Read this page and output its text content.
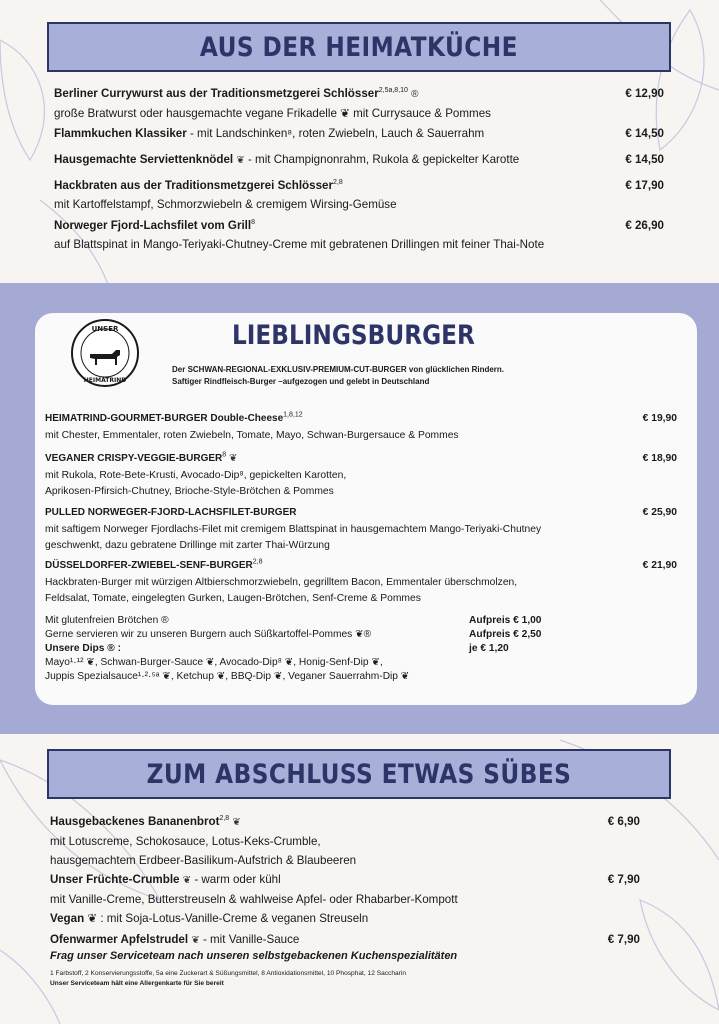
AUS DER HEIMATKÜCHE
Berliner Currywurst aus der Traditionsmetzgerei Schlösser$^{2,5a,8,10}$ ®	€ 12,90
große Bratwurst oder hausgemachte vegane Frikadelle ❦ mit Currysauce & Pommes
Flammkuchen Klassiker - mit Landschinken⁸, roten Zwiebeln, Lauch & Sauerrahm	€ 14,50
Hausgemachte Serviettenknödel ❦ - mit Champignonrahm, Rukola & gepickelter Karotte	€ 14,50
Hackbraten aus der Traditionsmetzgerei Schlösser$^{2,8}$	€ 17,90
mit Kartoffelstampf, Schmorzwiebeln & cremigem Wirsing-Gemüse
Norweger Fjord-Lachsfilet vom Grill$^8$	€ 26,90
auf Blattspinat in Mango-Teriyaki-Chutney-Creme mit gebratenen Drillingen mit feiner Thai-Note
UNSER
HEIMATRIND
LIEBLINGSBURGER
Der SCHWAN-REGIONAL-EXKLUSIV-PREMIUM-CUT-BURGER von glücklichen Rindern.
Saftiger Rindfleisch-Burger –aufgezogen und gelebt in Deutschland
HEIMATRIND-GOURMET-BURGER Double-Cheese$^{1,8,12}$	€ 19,90
mit Chester, Emmentaler, roten Zwiebeln, Tomate, Mayo, Schwan-Burgersauce & Pommes
VEGANER CRISPY-VEGGIE-BURGER$^8$ ❦	€ 18,90
mit Rukola, Rote-Bete-Krusti, Avocado-Dip⁸, gepickelten Karotten,
Aprikosen-Pfirsich-Chutney, Brioche-Style-Brötchen & Pommes
PULLED NORWEGER-FJORD-LACHSFILET-BURGER	€ 25,90
mit saftigem Norweger Fjordlachs-Filet mit cremigem Blattspinat in hausgemachtem Mango-Teriyaki-Chutney
geschwenkt, dazu gebratene Drillinge mit zarter Thai-Würzung
DÜSSELDORFER-ZWIEBEL-SENF-BURGER$^{2,8}$	€ 21,90
Hackbraten-Burger mit würzigen Altbierschmorzwiebeln, gegrilltem Bacon, Emmentaler überschmolzen,
Feldsalat, Tomate, eingelegten Gurken, Laugen-Brötchen, Senf-Creme & Pommes
Mit glutenfreien Brötchen ®	Aufpreis € 1,00
Gerne servieren wir zu unseren Burgern auch Süßkartoffel-Pommes ❦®	Aufpreis € 2,50
Unsere Dips ® :	je € 1,20
Mayo¹·¹² ❦, Schwan-Burger-Sauce ❦, Avocado-Dip⁸ ❦, Honig-Senf-Dip ❦,
Juppis Spezialsauce¹·²·⁵ᵃ ❦, Ketchup ❦, BBQ-Dip ❦, Veganer Sauerrahm-Dip ❦
ZUM ABSCHLUSS ETWAS SÜBES
Hausgebackenes Bananenbrot$^{2,8}$ ❦	€ 6,90
mit Lotuscreme, Schokosauce, Lotus-Keks-Crumble,
hausgemachtem Erdbeer-Basilikum-Aufstrich & Blaubeeren
Unser Früchte-Crumble ❦ - warm oder kühl	€ 7,90
mit Vanille-Creme, Butterstreuseln & wahlweise Apfel- oder Rhabarber-Kompott
Vegan ❦ : mit Soja-Lotus-Vanille-Creme & veganen Streuseln
Ofenwarmer Apfelstrudel ❦ - mit Vanille-Sauce	€ 7,90
Frag unser Serviceteam nach unseren selbstgebackenen Kuchenspezialitäten
1 Farbstoff, 2 Konservierungsstoffe, 5a eine Zuckerart & Süßungsmittel, 8 Antioxidationsmittel, 10 Phosphat, 12 Saccharin
Unser Serviceteam hält eine Allergenkarte für Sie bereit
